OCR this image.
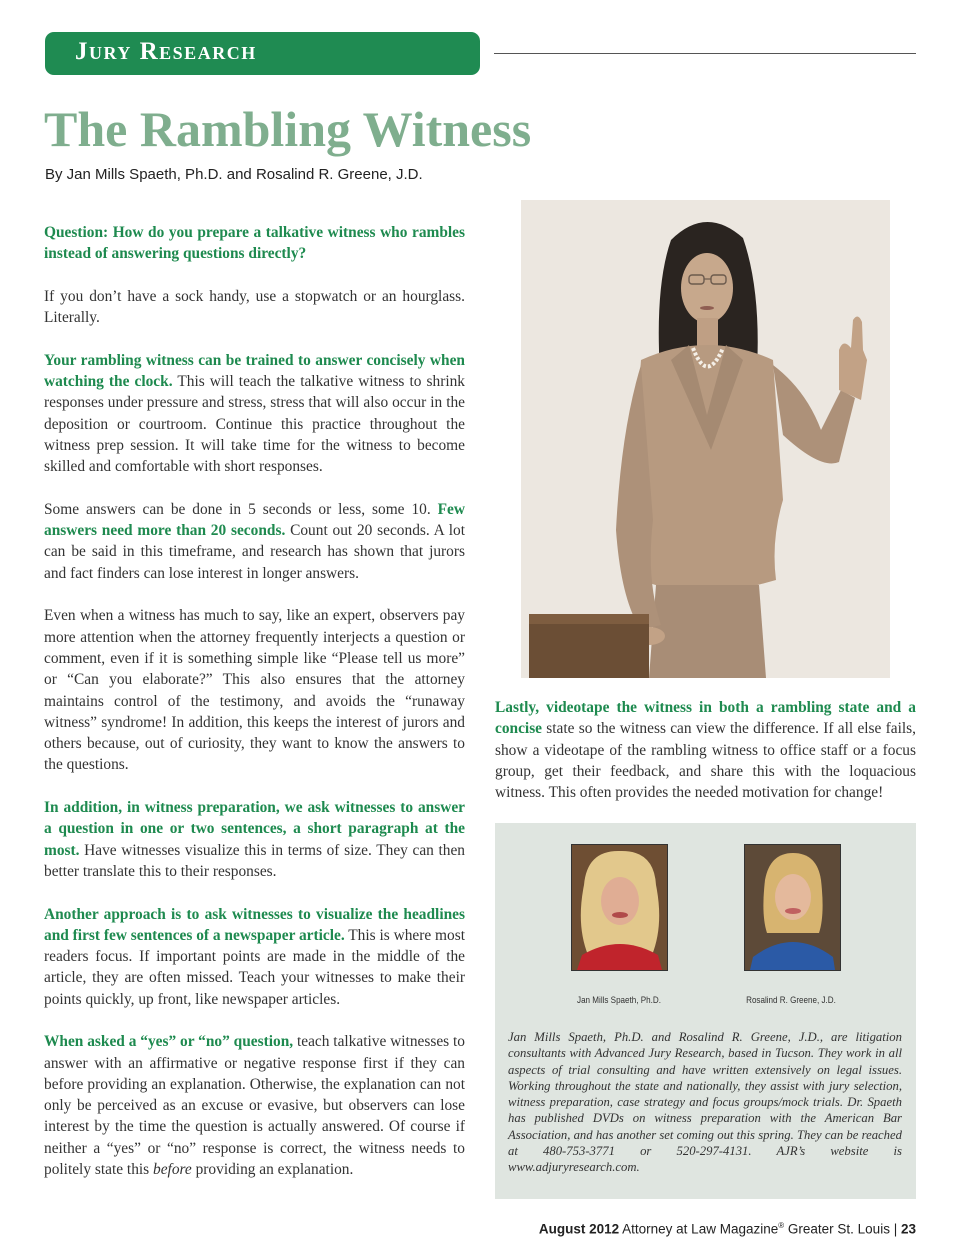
Jury Research
The Rambling Witness
By Jan Mills Spaeth, Ph.D. and Rosalind R. Greene, J.D.

Question: How do you prepare a talkative witness who rambles instead of answering questions directly?

If you don’t have a sock handy, use a stopwatch or an hourglass. Literally.

Your rambling witness can be trained to answer concisely when watching the clock. This will teach the talkative witness to shrink responses under pressure and stress, stress that will also occur in the deposition or courtroom. Continue this practice throughout the witness prep session. It will take time for the witness to become skilled and comfortable with short responses.

Some answers can be done in 5 seconds or less, some 10. Few answers need more than 20 seconds. Count out 20 seconds. A lot can be said in this timeframe, and research has shown that jurors and fact finders can lose interest in longer answers.

Even when a witness has much to say, like an expert, observers pay more attention when the attorney frequently interjects a question or comment, even if it is something simple like “Please tell us more” or “Can you elaborate?” This also ensures that the attorney maintains control of the testimony, and avoids the “runaway witness” syndrome! In addition, this keeps the interest of jurors and others because, out of curiosity, they want to know the answers to the questions.

In addition, in witness preparation, we ask witnesses to answer a question in one or two sentences, a short paragraph at the most. Have witnesses visualize this in terms of size. They can then better translate this to their responses.

Another approach is to ask witnesses to visualize the headlines and first few sentences of a newspaper article. This is where most readers focus. If important points are made in the middle of the article, they are often missed. Teach your witnesses to make their points quickly, up front, like newspaper articles.

When asked a “yes” or “no” question, teach talkative witnesses to answer with an affirmative or negative response first if they can before providing an explanation. Otherwise, the explanation can not only be perceived as an excuse or evasive, but observers can lose interest by the time the question is actually answered. Of course if neither a “yes” or “no” response is correct, the witness needs to politely state this before providing an explanation.

Lastly, videotape the witness in both a rambling state and a concise state so the witness can view the difference. If all else fails, show a videotape of the rambling witness to office staff or a focus group, get their feedback, and share this with the loquacious witness. This often provides the needed motivation for change!

Jan Mills Spaeth, Ph.D.	Rosalind R. Greene, J.D.
Jan Mills Spaeth, Ph.D. and Rosalind R. Greene, J.D., are litigation consultants with Advanced Jury Research, based in Tucson. They work in all aspects of trial consulting and have written extensively on legal issues. Working throughout the state and nationally, they assist with jury selection, witness preparation, case strategy and focus groups/mock trials. Dr. Spaeth has published DVDs on witness preparation with the American Bar Association, and has another set coming out this spring. They can be reached at 480-753-3771 or 520-297-4131. AJR’s website is www.adjuryresearch.com.
August 2012 Attorney at Law Magazine® Greater St. Louis | 23
